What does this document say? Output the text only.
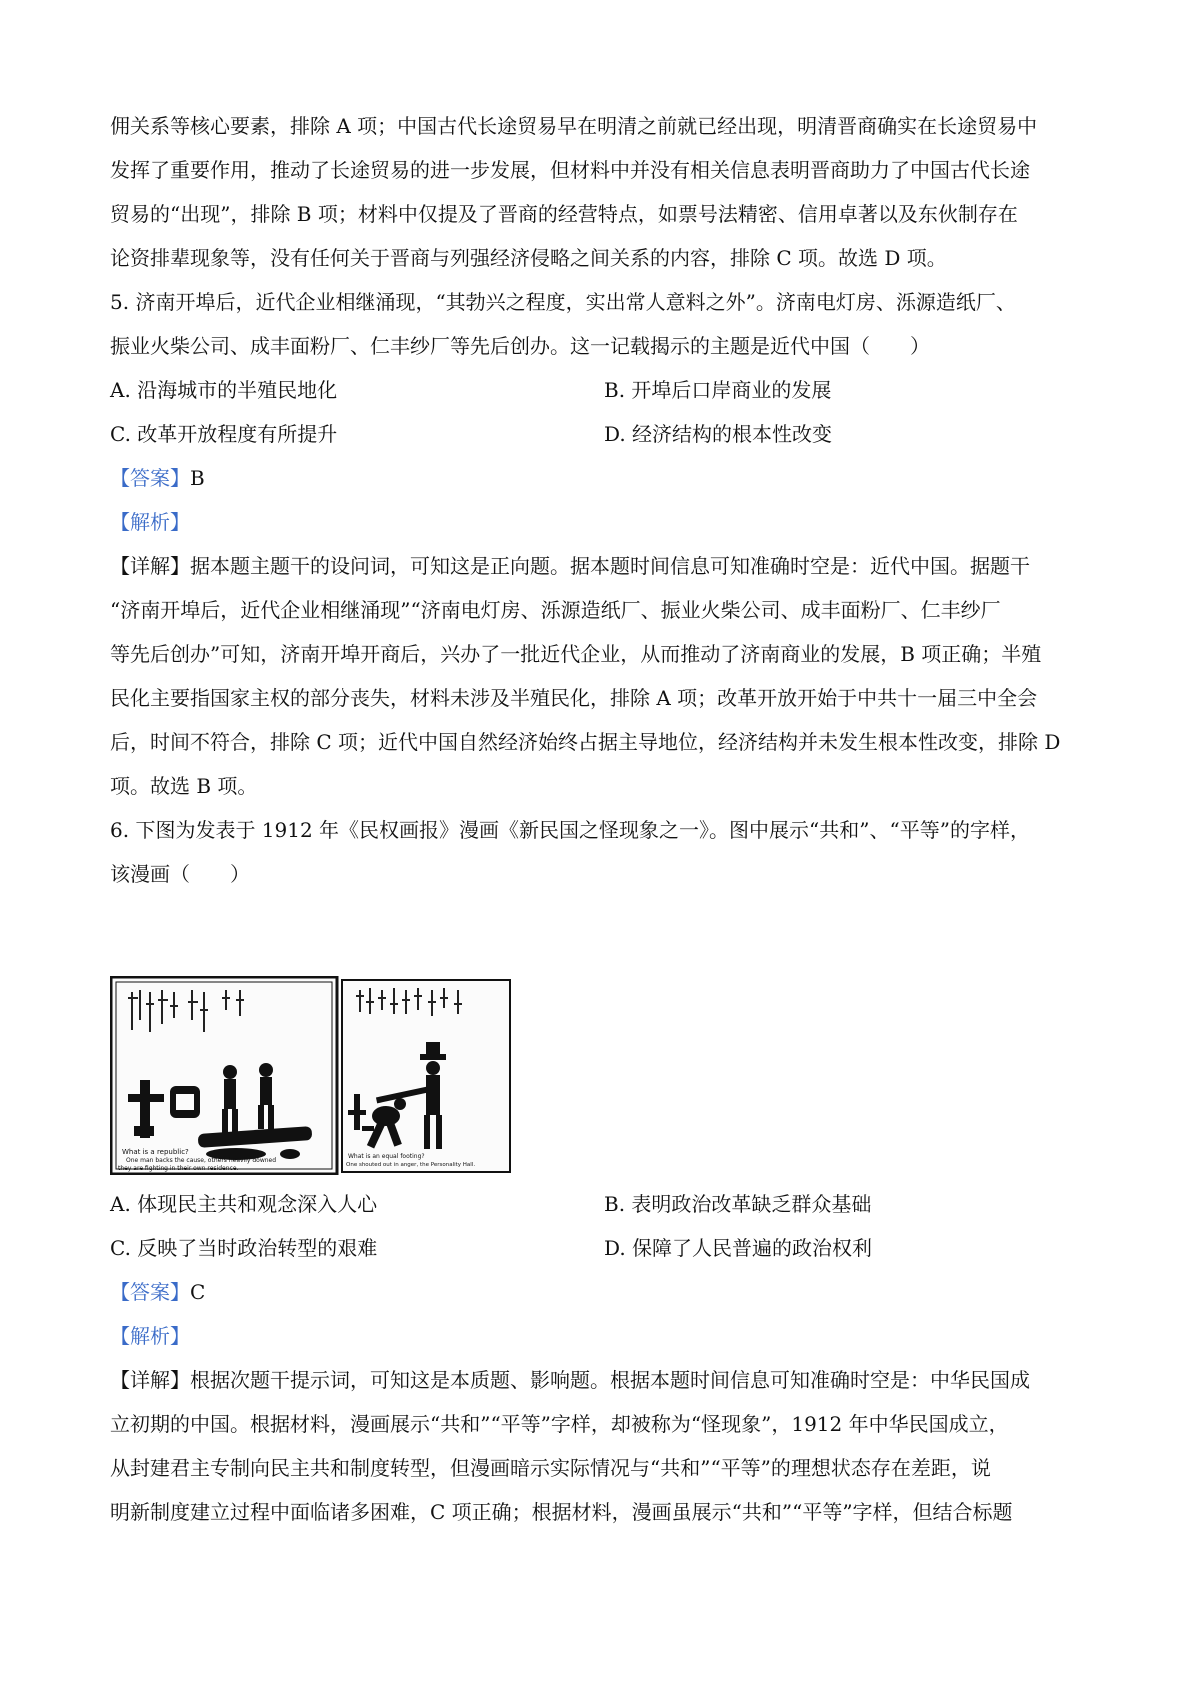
佣关系等核心要素，排除 A 项；中国古代长途贸易早在明清之前就已经出现，明清晋商确实在长途贸易中
发挥了重要作用，推动了长途贸易的进一步发展，但材料中并没有相关信息表明晋商助力了中国古代长途
贸易的“出现”，排除 B 项；材料中仅提及了晋商的经营特点，如票号法精密、信用卓著以及东伙制存在
论资排辈现象等，没有任何关于晋商与列强经济侵略之间关系的内容，排除 C 项。故选 D 项。
5. 济南开埠后，近代企业相继涌现，“其勃兴之程度，实出常人意料之外”。济南电灯房、泺源造纸厂、
振业火柴公司、成丰面粉厂、仁丰纱厂等先后创办。这一记载揭示的主题是近代中国（　　）
A. 沿海城市的半殖民地化	B. 开埠后口岸商业的发展
C. 改革开放程度有所提升	D. 经济结构的根本性改变
【答案】B
【解析】
【详解】据本题主题干的设问词，可知这是正向题。据本题时间信息可知准确时空是：近代中国。据题干
“济南开埠后，近代企业相继涌现”“济南电灯房、泺源造纸厂、振业火柴公司、成丰面粉厂、仁丰纱厂
等先后创办”可知，济南开埠开商后，兴办了一批近代企业，从而推动了济南商业的发展，B 项正确；半殖
民化主要指国家主权的部分丧失，材料未涉及半殖民化，排除 A 项；改革开放开始于中共十一届三中全会
后，时间不符合，排除 C 项；近代中国自然经济始终占据主导地位，经济结构并未发生根本性改变，排除 D
项。故选 B 项。
6. 下图为发表于 1912 年《民权画报》漫画《新民国之怪现象之一》。图中展示“共和”、“平等”的字样，
该漫画（　　）
What is a republic?
One man backs the cause, others heavily downed
they are fighting in their own residence.
What is an equal footing?
One shouted out in anger, the Personality Hall.
A. 体现民主共和观念深入人心	B. 表明政治改革缺乏群众基础
C. 反映了当时政治转型的艰难	D. 保障了人民普遍的政治权利
【答案】C
【解析】
【详解】根据次题干提示词，可知这是本质题、影响题。根据本题时间信息可知准确时空是：中华民国成
立初期的中国。根据材料，漫画展示“共和”“平等”字样，却被称为“怪现象”，1912 年中华民国成立，
从封建君主专制向民主共和制度转型，但漫画暗示实际情况与“共和”“平等”的理想状态存在差距，说
明新制度建立过程中面临诸多困难，C 项正确；根据材料，漫画虽展示“共和”“平等”字样，但结合标题
